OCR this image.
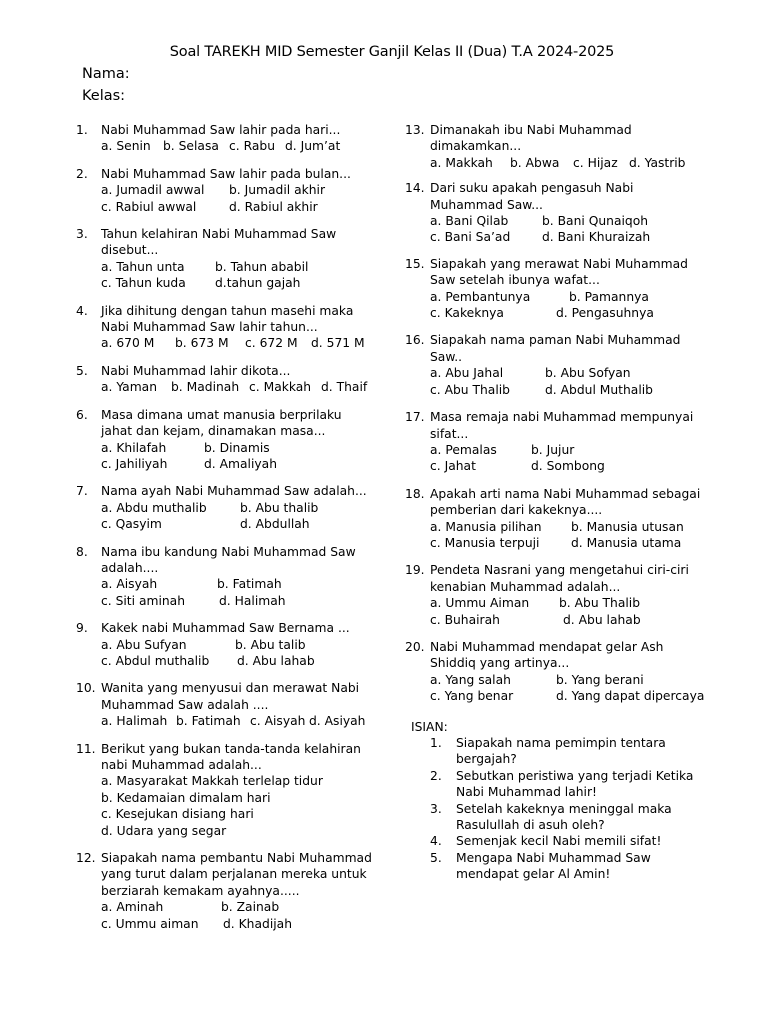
Soal TAREKH MID Semester Ganjil Kelas II (Dua) T.A 2024-2025
Nama:
Kelas:
1.	Nabi Muhammad Saw lahir pada hari...
a. Senin b. Selasa c. Rabu d. Jum’at
2.	Nabi Muhammad Saw lahir pada bulan...
a. Jumadil awwal b. Jumadil akhir
c. Rabiul awwal	d. Rabiul akhir
3.	Tahun kelahiran Nabi Muhammad Saw disebut...
a. Tahun unta b. Tahun ababil
c. Tahun kuda d.tahun gajah
4.	Jika dihitung dengan tahun masehi maka Nabi Muhammad Saw lahir tahun...
a. 670 M b. 673 M c. 672 M d. 571 M
5.	Nabi Muhammad lahir dikota...
a. Yaman b. Madinah c. Makkah d. Thaif
6.	Masa dimana umat manusia berprilaku jahat dan kejam, dinamakan masa...
a. Khilafah	b. Dinamis
c. Jahiliyah	d. Amaliyah
7.	Nama ayah Nabi Muhammad Saw adalah...
a. Abdu muthalib	b. Abu thalib
c. Qasyim	d. Abdullah
8.	Nama ibu kandung Nabi Muhammad Saw adalah....
a. Aisyah	b. Fatimah
c. Siti aminah	d. Halimah
9.	Kakek nabi Muhammad Saw Bernama ...
a. Abu Sufyan	b. Abu talib
c. Abdul muthalib d. Abu lahab
10. Wanita yang menyusui dan merawat Nabi Muhammad Saw adalah ....
a. Halimah b. Fatimah c. Aisyah d. Asiyah
11. Berikut yang bukan tanda-tanda kelahiran nabi Muhammad adalah...
a. Masyarakat Makkah terlelap tidur
b. Kedamaian dimalam hari
c. Kesejukan disiang hari
d. Udara yang segar
12. Siapakah nama pembantu Nabi Muhammad yang turut dalam perjalanan mereka untuk berziarah kemakam ayahnya.....
a. Aminah	b. Zainab
c. Ummu aiman d. Khadijah
13. Dimanakah ibu Nabi Muhammad dimakamkan...
a. Makkah b. Abwa c. Hijaz d. Yastrib
14. Dari suku apakah pengasuh Nabi Muhammad Saw...
a. Bani Qilab	b. Bani Qunaiqoh
c. Bani Sa’ad	d. Bani Khuraizah
15. Siapakah yang merawat Nabi Muhammad Saw setelah ibunya wafat...
a. Pembantunya	b. Pamannya
c. Kakeknya	d. Pengasuhnya
16. Siapakah nama paman Nabi Muhammad Saw..
a. Abu Jahal	b. Abu Sofyan
c. Abu Thalib	d. Abdul Muthalib
17. Masa remaja nabi Muhammad mempunyai sifat...
a. Pemalas	b. Jujur
c. Jahat	d. Sombong
18. Apakah arti nama Nabi Muhammad sebagai pemberian dari kakeknya....
a. Manusia pilihan b. Manusia utusan
c. Manusia terpuji	d. Manusia utama
19. Pendeta Nasrani yang mengetahui ciri-ciri kenabian Muhammad adalah...
a. Ummu Aiman b. Abu Thalib
c. Buhairah	d. Abu lahab
20. Nabi Muhammad mendapat gelar Ash Shiddiq yang artinya...
a. Yang salah	b. Yang berani
c. Yang benar	d. Yang dapat dipercaya
ISIAN:
1.	Siapakah nama pemimpin tentara bergajah?
2.	Sebutkan peristiwa yang terjadi Ketika Nabi Muhammad lahir!
3.	Setelah kakeknya meninggal maka Rasulullah di asuh oleh?
4.	Semenjak kecil Nabi memili sifat!
5.	Mengapa Nabi Muhammad Saw mendapat gelar Al Amin!
